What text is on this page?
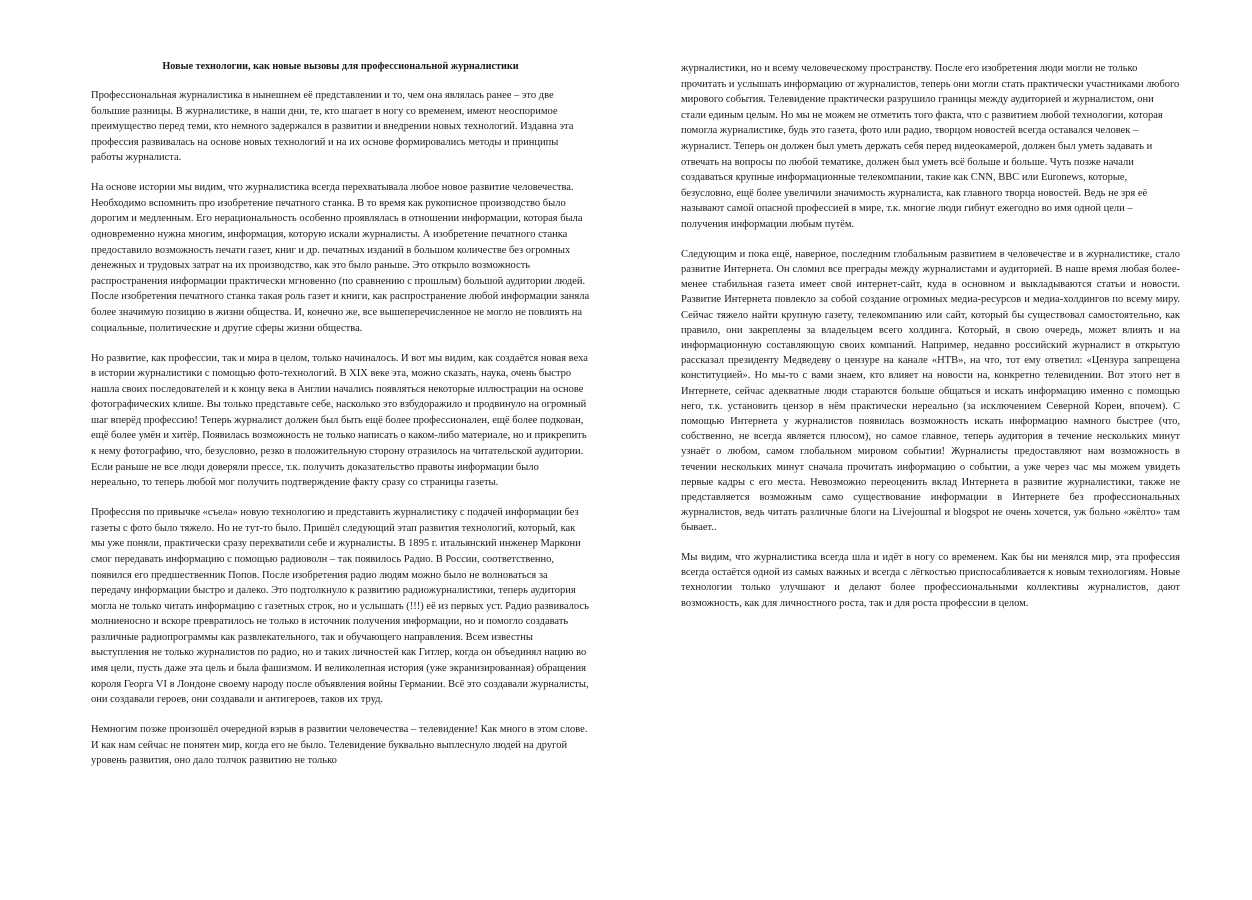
Новые технологии, как новые вызовы для профессиональной журналистики

Профессиональная журналистика в нынешнем её представлении и то, чем она являлась ранее – это две большие разницы. В журналистике, в наши дни, те, кто шагает в ногу со временем, имеют неоспоримое преимущество перед теми, кто немного задержался в развитии и внедрении новых технологий. Издавна эта профессия развивалась на основе новых технологий и на их основе формировались методы и принципы работы журналиста.

На основе истории мы видим, что журналистика всегда перехватывала любое новое развитие человечества. Необходимо вспомнить про изобретение печатного станка. В то время как рукописное производство было дорогим и медленным. Его нерациональность особенно проявлялась в отношении информации, которая была одновременно нужна многим, информация, которую искали журналисты. А изобретение печатного станка предоставило возможность печати газет, книг и др. печатных изданий в большом количестве без огромных денежных и трудовых затрат на их производство, как это было раньше. Это открыло возможность распространения информации практически мгновенно (по сравнению с прошлым) большой аудитории людей. После изобретения печатного станка такая роль газет и книги, как распространение любой информации заняла более значимую позицию в жизни общества. И, конечно же, все вышеперечисленное не могло не повлиять на социальные, политические и другие сферы жизни общества.

Но развитие, как профессии, так и мира в целом, только начиналось. И вот мы видим, как создаётся новая веха в истории журналистики с помощью фото-технологий. В XIX веке эта, можно сказать, наука, очень быстро нашла своих последователей и к концу века в Англии начались появляться некоторые иллюстрации на основе фотографических клише. Вы только представьте себе, насколько это взбудоражило и продвинуло на огромный шаг вперёд профессию! Теперь журналист должен был быть ещё более профессионален, ещё более подкован, ещё более умён и хитёр. Появилась возможность не только написать о каком-либо материале, но и прикрепить к нему фотографию, что, безусловно, резко в положительную сторону отразилось на читательской аудитории. Если раньше не все люди доверяли прессе, т.к. получить доказательство правоты информации было нереально, то теперь любой мог получить подтверждение факту сразу со страницы газеты.

Профессия по привычке «съела» новую технологию и представить журналистику с подачей информации без газеты с фото было тяжело. Но не тут-то было. Пришёл следующий этап развития технологий, который, как мы уже поняли, практически сразу перехватили себе и журналисты. В 1895 г. итальянский инженер Маркони смог передавать информацию с помощью радиоволн – так появилось Радио. В России, соответственно, появился его предшественник Попов. После изобретения радио людям можно было не волноваться за передачу информации быстро и далеко. Это подтолкнуло к развитию радиожурналистики, теперь аудитория могла не только читать информацию с газетных строк, но и услышать (!!!) её из первых уст. Радио развивалось молниеносно и вскоре превратилось не только в источник получения информации, но и помогло создавать различные радиопрограммы как развлекательного, так и обучающего направления. Всем известны выступления не только журналистов по радио, но и таких личностей как Гитлер, когда он объединял нацию во имя цели, пусть даже эта цель и была фашизмом. И великолепная история (уже экранизированная) обращения короля Георга VI в Лондоне своему народу после объявления войны Германии. Всё это создавали журналисты, они создавали героев, они создавали и антигероев, таков их труд.

Немногим позже произошёл очередной взрыв в развитии человечества – телевидение! Как много в этом слове. И как нам сейчас не понятен мир, когда его не было. Телевидение буквально выплеснуло людей на другой уровень развития, оно дало толчок развитию не только

журналистики, но и всему человеческому пространству. После его изобретения люди могли не только прочитать и услышать информацию от журналистов, теперь они могли стать практически участниками любого мирового события. Телевидение практически разрушило границы между аудиторией и журналистом, они стали единым целым. Но мы не можем не отметить того факта, что с развитием любой технологии, которая помогла журналистике, будь это газета, фото или радио, творцом новостей всегда оставался человек – журналист. Теперь он должен был уметь держать себя перед видеокамерой, должен был уметь задавать и отвечать на вопросы по любой тематике, должен был уметь всё больше и больше. Чуть позже начали создаваться крупные информационные телекомпании, такие как CNN, BBC или Euronews, которые, безусловно, ещё более увеличили значимость журналиста, как главного творца новостей. Ведь не зря её называют самой опасной профессией в мире, т.к. многие люди гибнут ежегодно во имя одной цели – получения информации любым путём.

Следующим и пока ещё, наверное, последним глобальным развитием в человечестве и в журналистике, стало развитие Интернета. Он сломил все преграды между журналистами и аудиторией. В наше время любая более-менее стабильная газета имеет свой интернет-сайт, куда в основном и выкладываются статьи и новости. Развитие Интернета повлекло за собой создание огромных медиа-ресурсов и медиа-холдингов по всему миру. Сейчас тяжело найти крупную газету, телекомпанию или сайт, который бы существовал самостоятельно, как правило, они закреплены за владельцем всего холдинга. Который, в свою очередь, может влиять и на информационную составляющую своих компаний. Например, недавно российский журналист в открытую рассказал президенту Медведеву о цензуре на канале «НТВ», на что, тот ему ответил: «Цензура запрещена конституцией». Но мы-то с вами знаем, кто влияет на новости на, конкретно телевидении. Вот этого нет в Интернете, сейчас адекватные люди стараются больше общаться и искать информацию именно с помощью него, т.к. установить цензор в нём практически нереально (за исключением Северной Кореи, впочем). С помощью Интернета у журналистов появилась возможность искать информацию намного быстрее (что, собственно, не всегда является плюсом), но самое главное, теперь аудитория в течение нескольких минут узнаёт о любом, самом глобальном мировом событии! Журналисты предоставляют нам возможность в течении нескольких минут сначала прочитать информацию о событии, а уже через час мы можем увидеть первые кадры с его места. Невозможно переоценить вклад Интернета в развитие журналистики, также не представляется возможным само существование информации в Интернете без профессиональных журналистов, ведь читать различные блоги на Livejournal и blogspot не очень хочется, уж больно «жёлто» там бывает..

Мы видим, что журналистика всегда шла и идёт в ногу со временем. Как бы ни менялся мир, эта профессия всегда остаётся одной из самых важных и всегда с лёгкостью приспосабливается к новым технологиям. Новые технологии только улучшают и делают более профессиональными коллективы журналистов, дают возможность, как для личностного роста, так и для роста профессии в целом.
